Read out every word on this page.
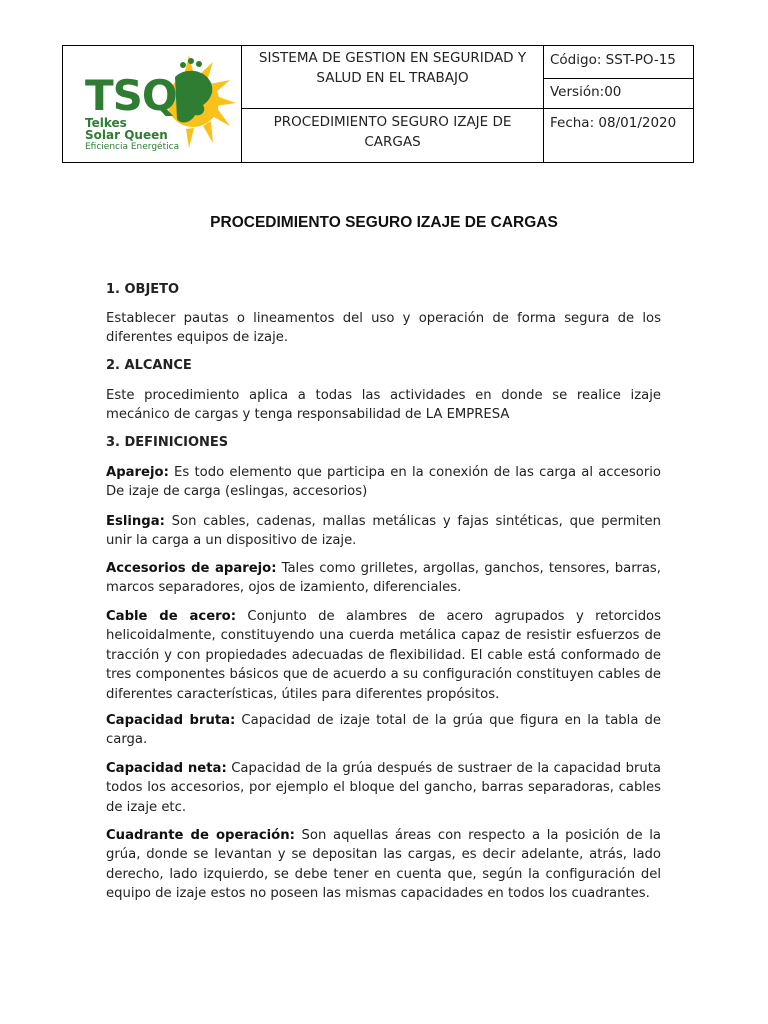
TSQ
Telkes
Solar Queen
Eficiencia Energética	SISTEMA DE GESTION EN SEGURIDAD Y SALUD EN EL TRABAJO	Código: SST-PO-15

		Versión:00

	PROCEDIMIENTO SEGURO IZAJE DE CARGAS	Fecha: 08/01/2020
PROCEDIMIENTO SEGURO IZAJE DE CARGAS
1. OBJETO
Establecer pautas o lineamentos del uso y operación de forma segura de los diferentes equipos de izaje.
2. ALCANCE
Este procedimiento aplica a todas las actividades en donde se realice izaje mecánico de cargas y tenga responsabilidad de LA EMPRESA
3. DEFINICIONES
Aparejo: Es todo elemento que participa en la conexión de las carga al accesorio De izaje de carga (eslingas, accesorios)
Eslinga: Son cables, cadenas, mallas metálicas y fajas sintéticas, que permiten unir la carga a un dispositivo de izaje.
Accesorios de aparejo: Tales como grilletes, argollas, ganchos, tensores, barras, marcos separadores, ojos de izamiento, diferenciales.
Cable de acero: Conjunto de alambres de acero agrupados y retorcidos helicoidalmente, constituyendo una cuerda metálica capaz de resistir esfuerzos de tracción y con propiedades adecuadas de flexibilidad. El cable está conformado de tres componentes básicos que de acuerdo a su configuración constituyen cables de diferentes características, útiles para diferentes propósitos.
Capacidad bruta: Capacidad de izaje total de la grúa que figura en la tabla de carga.
Capacidad neta: Capacidad de la grúa después de sustraer de la capacidad bruta todos los accesorios, por ejemplo el bloque del gancho, barras separadoras, cables de izaje etc.
Cuadrante de operación: Son aquellas áreas con respecto a la posición de la grúa, donde se levantan y se depositan las cargas, es decir adelante, atrás, lado derecho, lado izquierdo, se debe tener en cuenta que, según la configuración del equipo de izaje estos no poseen las mismas capacidades en todos los cuadrantes.
